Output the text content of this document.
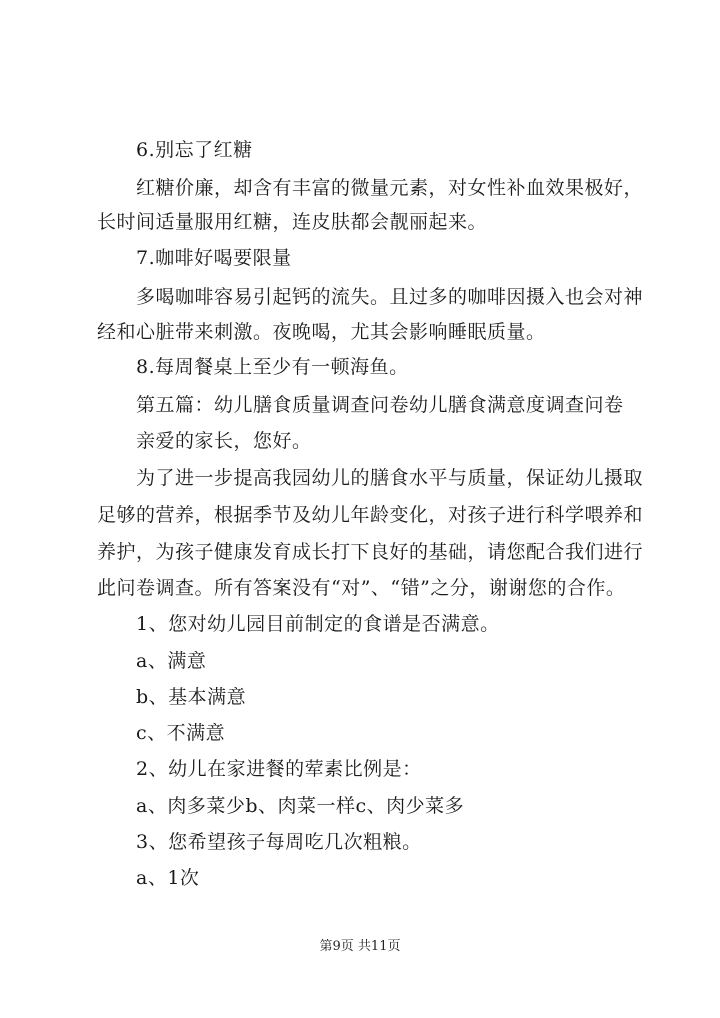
6.别忘了红糖
红糖价廉，却含有丰富的微量元素，对女性补血效果极好，
长时间适量服用红糖，连皮肤都会靓丽起来。
7.咖啡好喝要限量
多喝咖啡容易引起钙的流失。且过多的咖啡因摄入也会对神
经和心脏带来刺激。夜晚喝，尤其会影响睡眠质量。
8.每周餐桌上至少有一顿海鱼。
第五篇：幼儿膳食质量调查问卷幼儿膳食满意度调查问卷
亲爱的家长，您好。
为了进一步提高我园幼儿的膳食水平与质量，保证幼儿摄取
足够的营养，根据季节及幼儿年龄变化，对孩子进行科学喂养和
养护，为孩子健康发育成长打下良好的基础，请您配合我们进行
此问卷调查。所有答案没有“对”、“错”之分，谢谢您的合作。
1、您对幼儿园目前制定的食谱是否满意。
a、满意
b、基本满意
c、不满意
2、幼儿在家进餐的荤素比例是：
a、肉多菜少b、肉菜一样c、肉少菜多
3、您希望孩子每周吃几次粗粮。
a、1次
第9页 共11页
